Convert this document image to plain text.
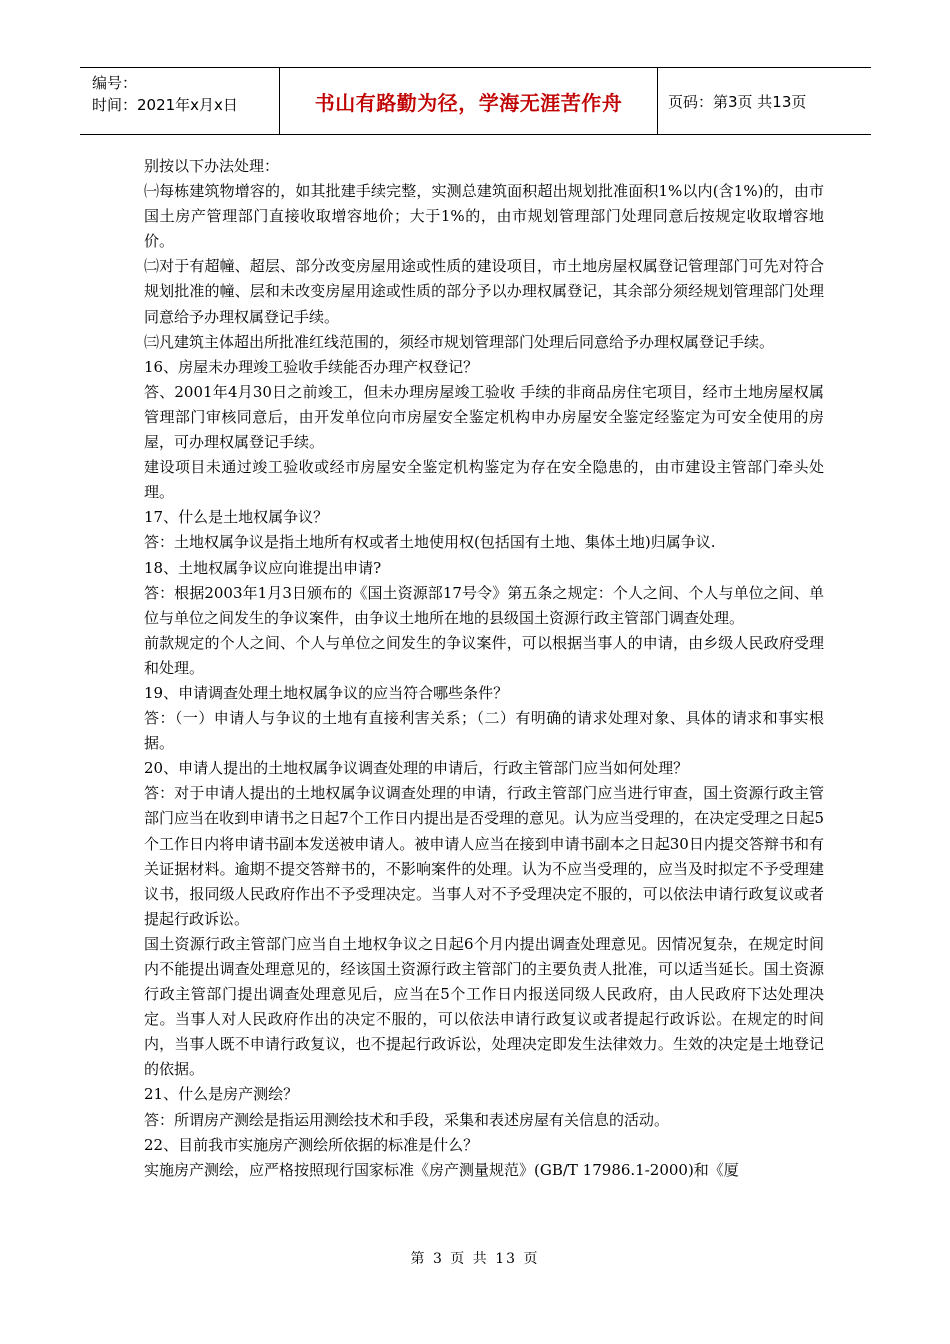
编号：
时间：2021年x月x日	书山有路勤为径，学海无涯苦作舟	页码：第3页 共13页

别按以下办法处理：

㈠每栋建筑物增容的，如其批建手续完整，实测总建筑面积超出规划批准面积1%以内(含1%)的，由市国土房产管理部门直接收取增容地价；大于1%的，由市规划管理部门处理同意后按规定收取增容地价。

㈡对于有超幢、超层、部分改变房屋用途或性质的建设项目，市土地房屋权属登记管理部门可先对符合规划批准的幢、层和未改变房屋用途或性质的部分予以办理权属登记，其余部分须经规划管理部门处理同意给予办理权属登记手续。

㈢凡建筑主体超出所批准红线范围的，须经市规划管理部门处理后同意给予办理权属登记手续。

16、房屋未办理竣工验收手续能否办理产权登记？

答、2001年4月30日之前竣工，但未办理房屋竣工验收 手续的非商品房住宅项目，经市土地房屋权属管理部门审核同意后，由开发单位向市房屋安全鉴定机构申办房屋安全鉴定经鉴定为可安全使用的房屋，可办理权属登记手续。

建设项目未通过竣工验收或经市房屋安全鉴定机构鉴定为存在安全隐患的，由市建设主管部门牵头处理。

17、什么是土地权属争议？

答：土地权属争议是指土地所有权或者土地使用权(包括国有土地、集体土地)归属争议.

18、土地权属争议应向谁提出申请?

答：根据2003年1月3日颁布的《国土资源部17号令》第五条之规定：个人之间、个人与单位之间、单位与单位之间发生的争议案件，由争议土地所在地的县级国土资源行政主管部门调查处理。

前款规定的个人之间、个人与单位之间发生的争议案件，可以根据当事人的申请，由乡级人民政府受理和处理。

19、申请调查处理土地权属争议的应当符合哪些条件？

答：（一）申请人与争议的土地有直接利害关系；（二）有明确的请求处理对象、具体的请求和事实根据。

20、申请人提出的土地权属争议调查处理的申请后，行政主管部门应当如何处理？

答：对于申请人提出的土地权属争议调查处理的申请，行政主管部门应当进行审查，国土资源行政主管部门应当在收到申请书之日起7个工作日内提出是否受理的意见。认为应当受理的，在决定受理之日起5个工作日内将申请书副本发送被申请人。被申请人应当在接到申请书副本之日起30日内提交答辩书和有关证据材料。逾期不提交答辩书的，不影响案件的处理。认为不应当受理的，应当及时拟定不予受理建议书，报同级人民政府作出不予受理决定。当事人对不予受理决定不服的，可以依法申请行政复议或者提起行政诉讼。

国土资源行政主管部门应当自土地权争议之日起6个月内提出调查处理意见。因情况复杂，在规定时间内不能提出调查处理意见的，经该国土资源行政主管部门的主要负责人批准，可以适当延长。国土资源行政主管部门提出调查处理意见后，应当在5个工作日内报送同级人民政府，由人民政府下达处理决定。当事人对人民政府作出的决定不服的，可以依法申请行政复议或者提起行政诉讼。在规定的时间内，当事人既不申请行政复议，也不提起行政诉讼，处理决定即发生法律效力。生效的决定是土地登记的依据。

21、什么是房产测绘？

答：所谓房产测绘是指运用测绘技术和手段，采集和表述房屋有关信息的活动。

22、目前我市实施房产测绘所依据的标准是什么？

实施房产测绘，应严格按照现行国家标准《房产测量规范》(GB/T 17986.1-2000)和《厦

第 3 页 共 13 页
